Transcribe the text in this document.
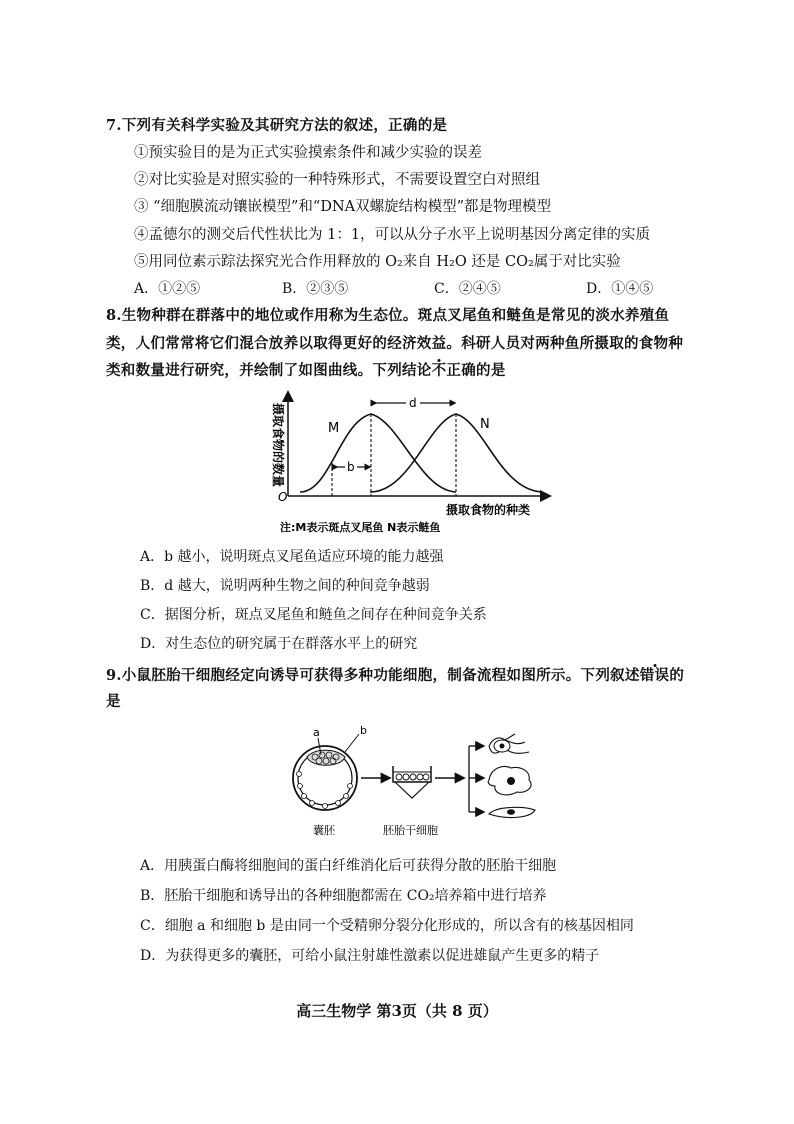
7.下列有关科学实验及其研究方法的叙述，正确的是
①预实验目的是为正式实验摸索条件和减少实验的误差
②对比实验是对照实验的一种特殊形式，不需要设置空白对照组
③ “细胞膜流动镶嵌模型”和“DNA双螺旋结构模型”都是物理模型
④孟德尔的测交后代性状比为 1：1，可以从分子水平上说明基因分离定律的实质
⑤用同位素示踪法探究光合作用释放的 O₂来自 H₂O 还是 CO₂属于对比实验
A．①②⑤	B．②③⑤	C．②④⑤	D．①④⑤
8.生物种群在群落中的地位或作用称为生态位。斑点叉尾鱼和鲢鱼是常见的淡水养殖鱼
类，人们常常将它们混合放养以取得更好的经济效益。科研人员对两种鱼所摄取的食物种
类和数量进行研究，并绘制了如图曲线。下列结论不正确的是
摄取食物的数量
O
d
b
M	N
摄取食物的种类
注:M表示斑点叉尾鱼 N表示鲢鱼
A．b 越小，说明斑点叉尾鱼适应环境的能力越强
B．d 越大，说明两种生物之间的种间竞争越弱
C．据图分析，斑点叉尾鱼和鲢鱼之间存在种间竞争关系
D．对生态位的研究属于在群落水平上的研究
9.小鼠胚胎干细胞经定向诱导可获得多种功能细胞，制备流程如图所示。下列叙述错误的
是
a	b
囊胚	胚胎干细胞
A．用胰蛋白酶将细胞间的蛋白纤维消化后可获得分散的胚胎干细胞
B．胚胎干细胞和诱导出的各种细胞都需在 CO₂培养箱中进行培养
C．细胞 a 和细胞 b 是由同一个受精卵分裂分化形成的，所以含有的核基因相同
D．为获得更多的囊胚，可给小鼠注射雄性激素以促进雄鼠产生更多的精子
高三生物学 第3页（共 8 页）
